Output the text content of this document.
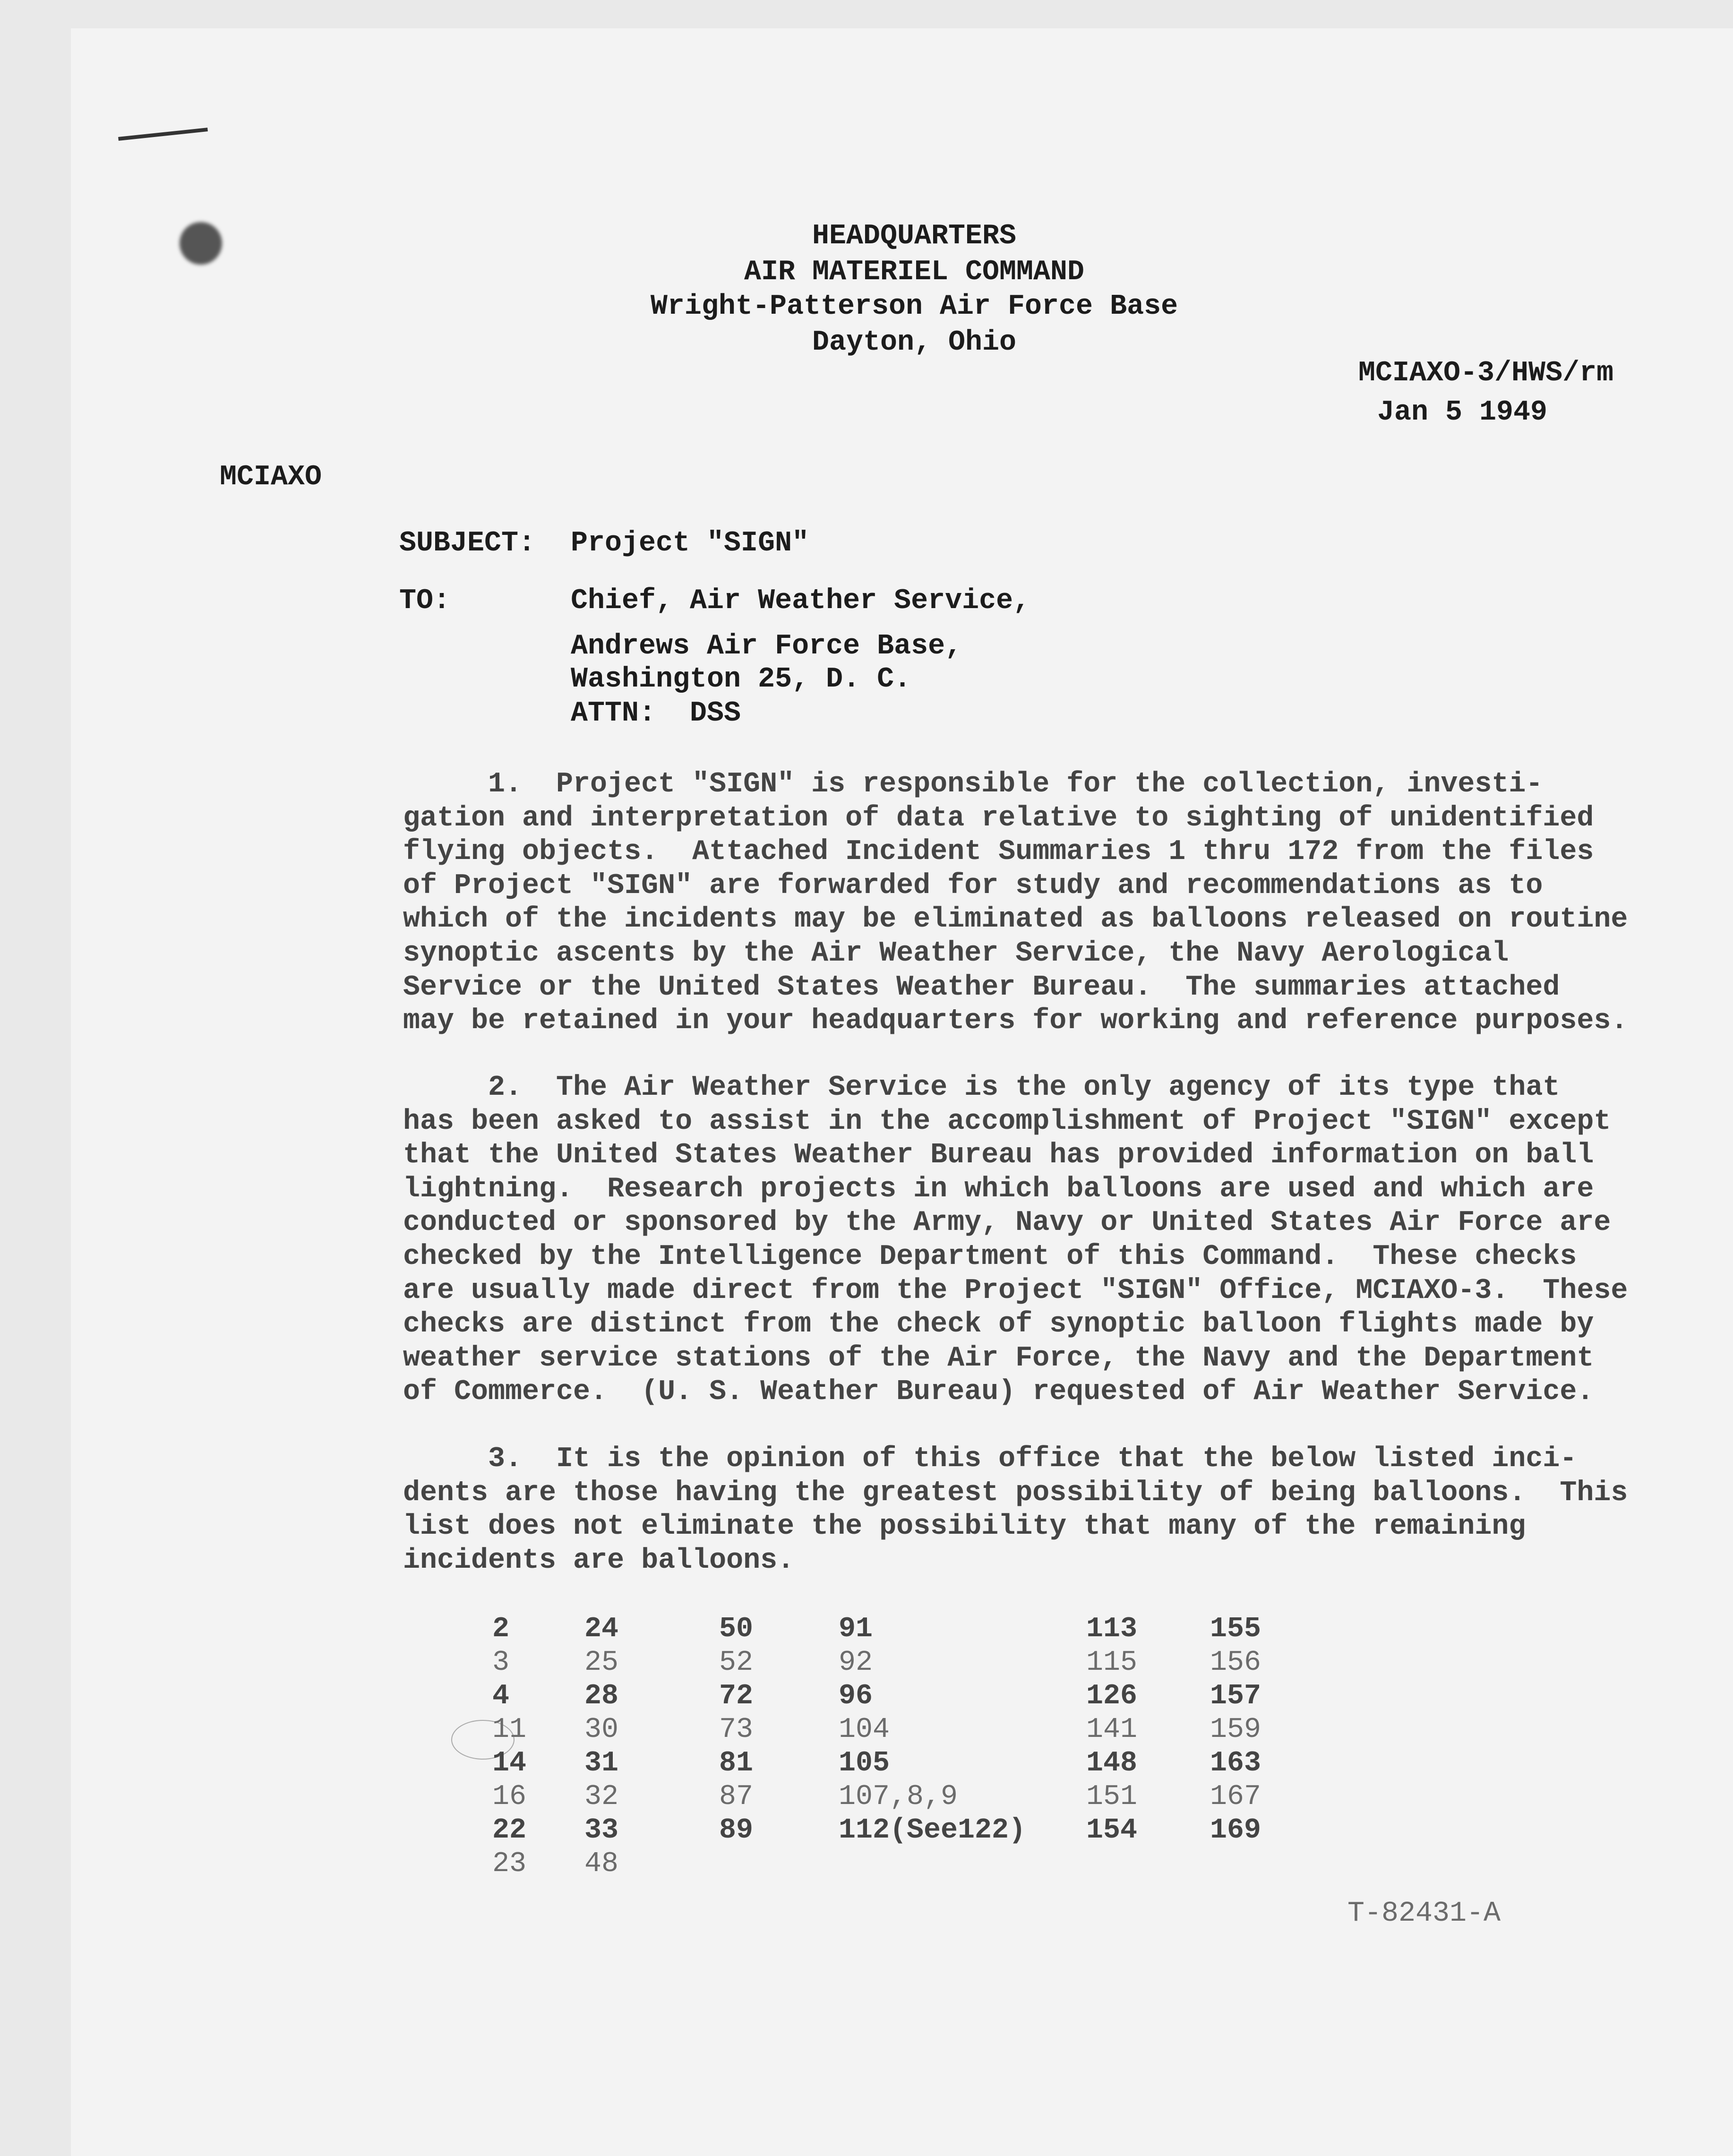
HEADQUARTERS
AIR MATERIEL COMMAND
Wright-Patterson Air Force Base
Dayton, Ohio
MCIAXO-3/HWS/rm
Jan 5 1949
MCIAXO
SUBJECT: Project "SIGN"
TO:	Chief, Air Weather Service,
Andrews Air Force Base,
Washington 25, D. C.
ATTN:  DSS
1.  Project "SIGN" is responsible for the collection, investi-
gation and interpretation of data relative to sighting of unidentified
flying objects.  Attached Incident Summaries 1 thru 172 from the files
of Project "SIGN" are forwarded for study and recommendations as to
which of the incidents may be eliminated as balloons released on routine
synoptic ascents by the Air Weather Service, the Navy Aerological
Service or the United States Weather Bureau.  The summaries attached
may be retained in your headquarters for working and reference purposes.
2.  The Air Weather Service is the only agency of its type that
has been asked to assist in the accomplishment of Project "SIGN" except
that the United States Weather Bureau has provided information on ball
lightning.  Research projects in which balloons are used and which are
conducted or sponsored by the Army, Navy or United States Air Force are
checked by the Intelligence Department of this Command.  These checks
are usually made direct from the Project "SIGN" Office, MCIAXO-3.  These
checks are distinct from the check of synoptic balloon flights made by
weather service stations of the Air Force, the Navy and the Department
of Commerce.  (U. S. Weather Bureau) requested of Air Weather Service.
3.  It is the opinion of this office that the below listed inci-
dents are those having the greatest possibility of being balloons.  This
list does not eliminate the possibility that many of the remaining
incidents are balloons.
2
3
4
11
14
16
22
23
24
25
28
30
31
32
33
48
50
52
72
73
81
87
89
91
92
96
104
105
107,8,9
112(See122)
113
115
126
141
148
151
154
155
156
157
159
163
167
169
T-82431-A
